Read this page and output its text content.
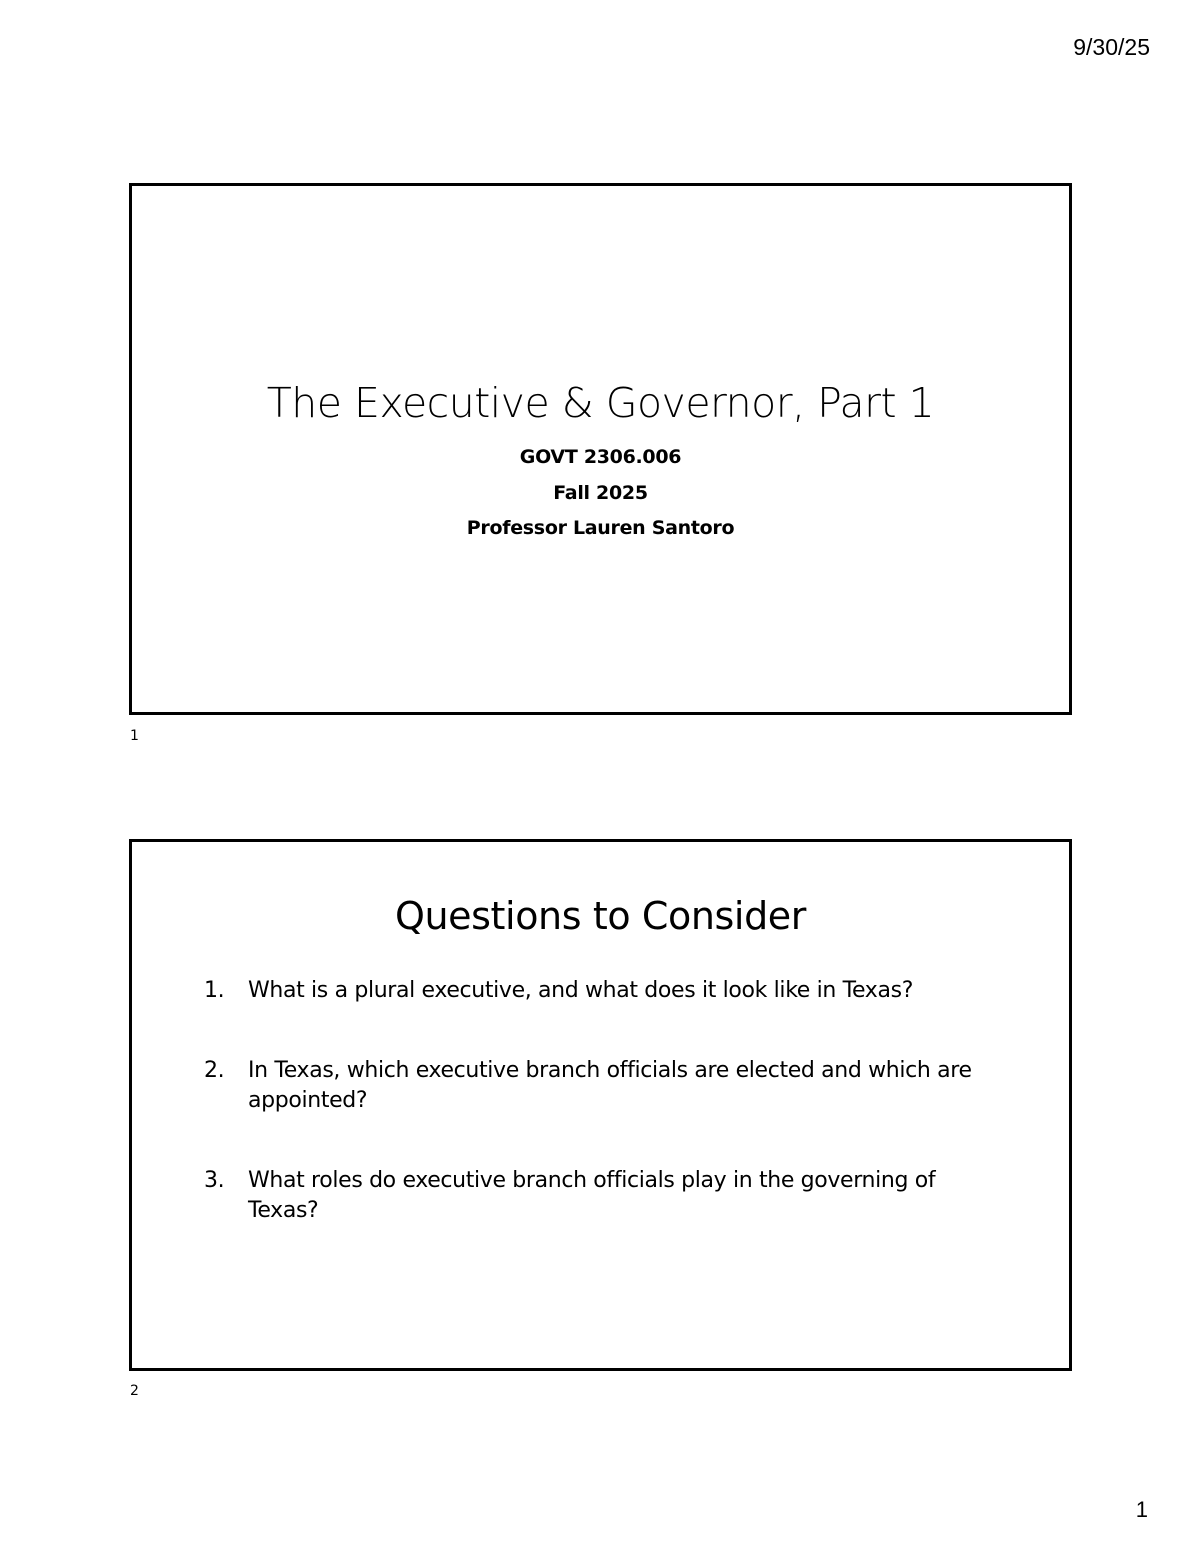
9/30/25
The Executive & Governor, Part 1
GOVT 2306.006
Fall 2025
Professor Lauren Santoro
1
Questions to Consider
1.	What is a plural executive, and what does it look like in Texas?
2.	In Texas, which executive branch officials are elected and which are appointed?
3.	What roles do executive branch officials play in the governing of Texas?
2
1
